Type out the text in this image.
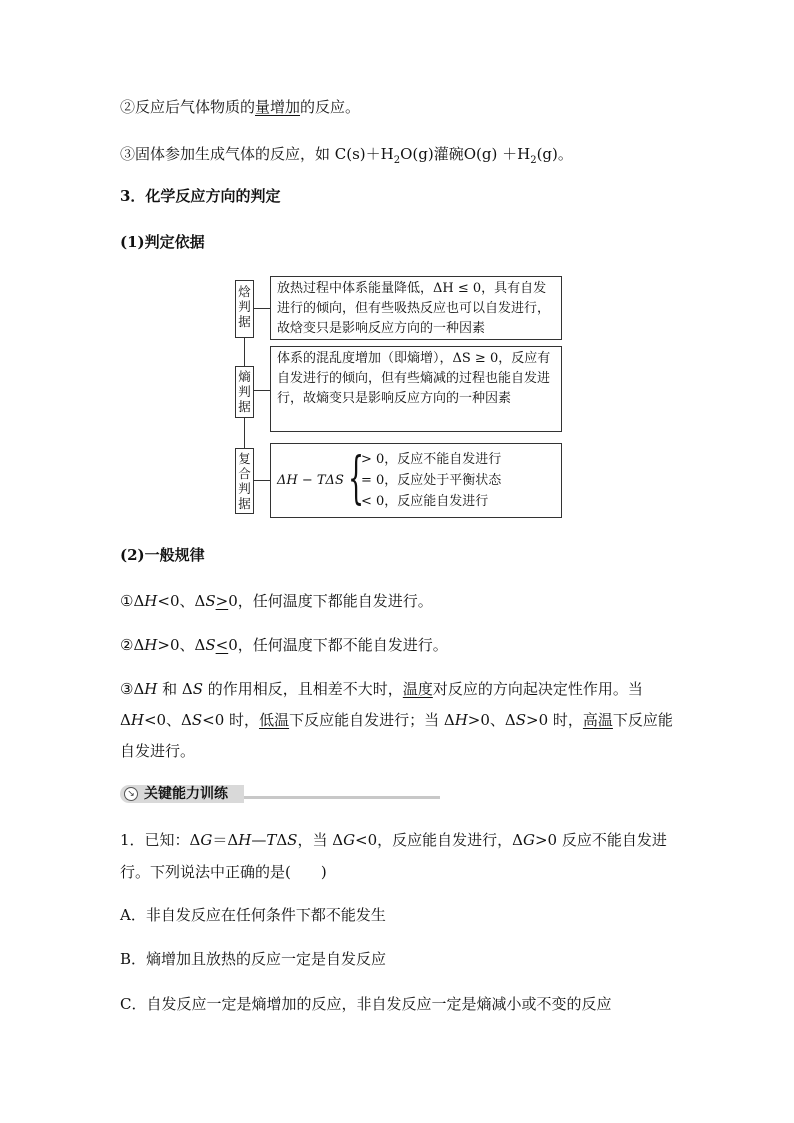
②反应后气体物质的量增加的反应。
③固体参加生成气体的反应，如 $C(s)+H_2O(g)$灌碗$O(g) +H_2(g)$。
3．化学反应方向的判定
(1)判定依据
焓判据
熵判据
复合判据
放热过程中体系能量降低，ΔH ≤ 0，具有自发进行的倾向，但有些吸热反应也可以自发进行，故焓变只是影响反应方向的一种因素
体系的混乱度增加（即熵增），ΔS ≥ 0，反应有自发进行的倾向，但有些熵减的过程也能自发进行，故熵变只是影响反应方向的一种因素
ΔH − TΔS {
> 0，反应不能自发进行
= 0，反应处于平衡状态
< 0，反应能自发进行
(2)一般规律
①ΔH<0、ΔS>0，任何温度下都能自发进行。
②ΔH>0、ΔS<0，任何温度下都不能自发进行。
③ΔH 和 ΔS 的作用相反，且相差不大时，温度对反应的方向起决定性作用。当
ΔH<0、ΔS<0 时，低温下反应能自发进行；当 ΔH>0、ΔS>0 时，高温下反应能
自发进行。
↘ 关键能力训练
1．已知：ΔG＝ΔH—TΔS，当 ΔG<0，反应能自发进行，ΔG>0 反应不能自发进
行。下列说法中正确的是(　　)
A．非自发反应在任何条件下都不能发生
B．熵增加且放热的反应一定是自发反应
C．自发反应一定是熵增加的反应，非自发反应一定是熵减小或不变的反应
